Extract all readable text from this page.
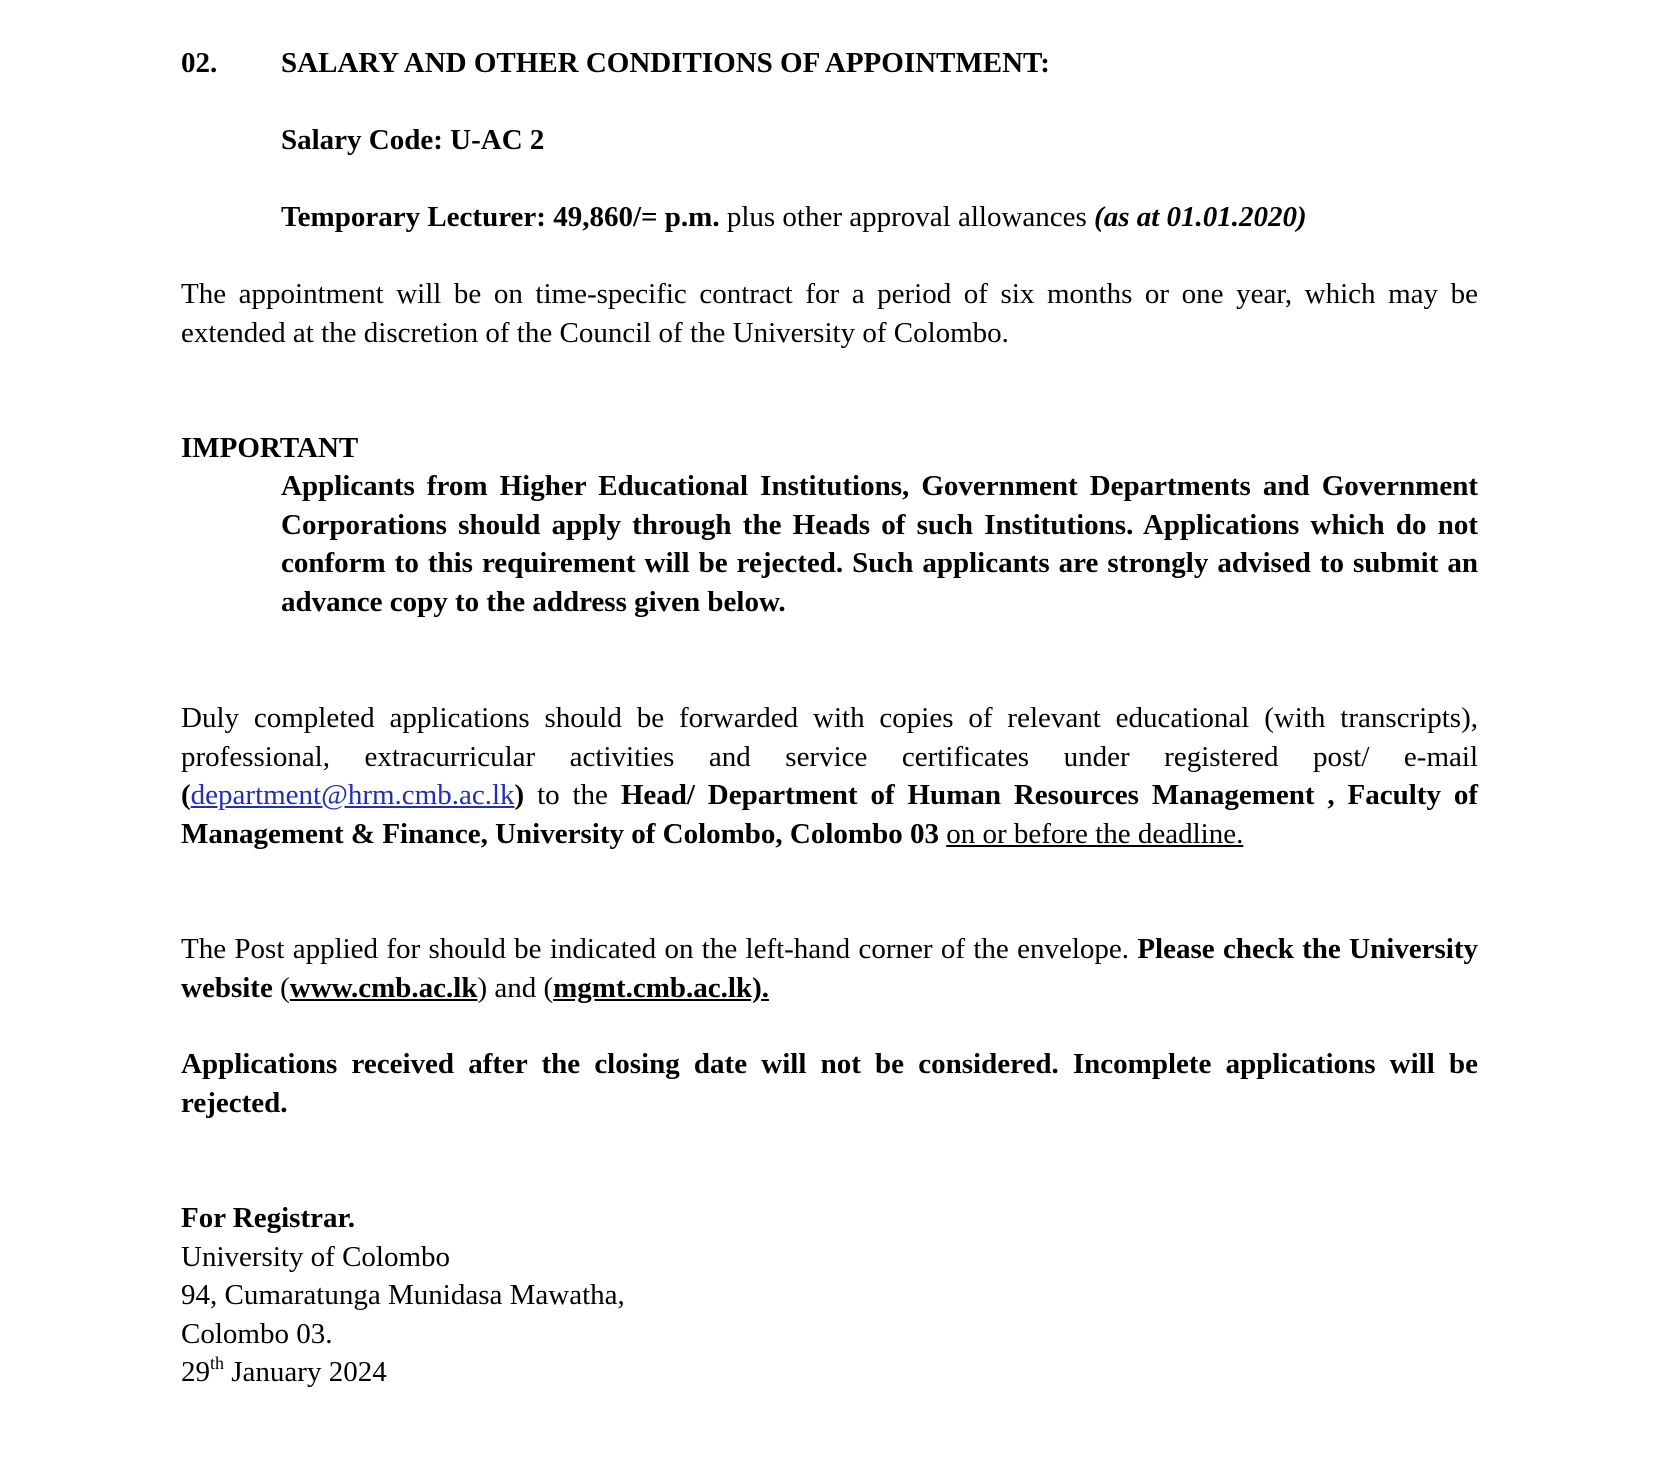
02.	SALARY AND OTHER CONDITIONS OF APPOINTMENT:
Salary Code: U-AC 2
Temporary Lecturer: 49,860/= p.m. plus other approval allowances (as at 01.01.2020)

The appointment will be on time-specific contract for a period of six months or one year, which may be extended at the discretion of the Council of the University of Colombo.

IMPORTANT

Applicants from Higher Educational Institutions, Government Departments and Government Corporations should apply through the Heads of such Institutions. Applications which do not conform to this requirement will be rejected. Such applicants are strongly advised to submit an advance copy to the address given below.

Duly completed applications should be forwarded with copies of relevant educational (with transcripts), professional, extracurricular activities and service certificates under registered post/ e-mail (department@hrm.cmb.ac.lk) to the Head/ Department of Human Resources Management , Faculty of Management & Finance, University of Colombo, Colombo 03 on or before the deadline.

The Post applied for should be indicated on the left-hand corner of the envelope. Please check the University website (www.cmb.ac.lk) and (mgmt.cmb.ac.lk).

Applications received after the closing date will not be considered. Incomplete applications will be rejected.

For Registrar.
University of Colombo
94, Cumaratunga Munidasa Mawatha,
Colombo 03.
29th January 2024
